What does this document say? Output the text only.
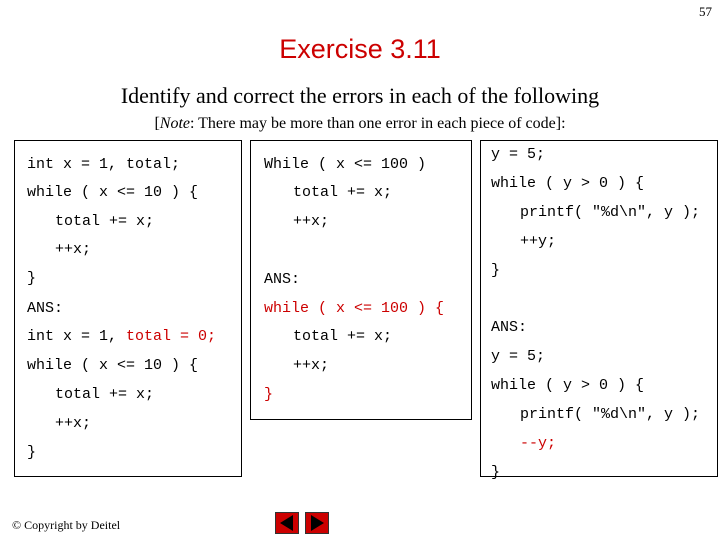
57
Exercise 3.11
Identify and correct the errors in each of the following
[Note: There may be more than one error in each piece of code]:
int x = 1, total;
while ( x <= 10 ) {
total += x;
++x;
}
ANS:
int x = 1, total = 0;
while ( x <= 10 ) {
total += x;
++x;
}
While ( x <= 100 )
total += x;
++x;
ANS:
while ( x <= 100 ) {
total += x;
++x;
}
y = 5;
while ( y > 0 ) {
printf( "%d\n", y );
++y;
}
ANS:
y = 5;
while ( y > 0 ) {
printf( "%d\n", y );
--y;
}
© Copyright by Deitel
